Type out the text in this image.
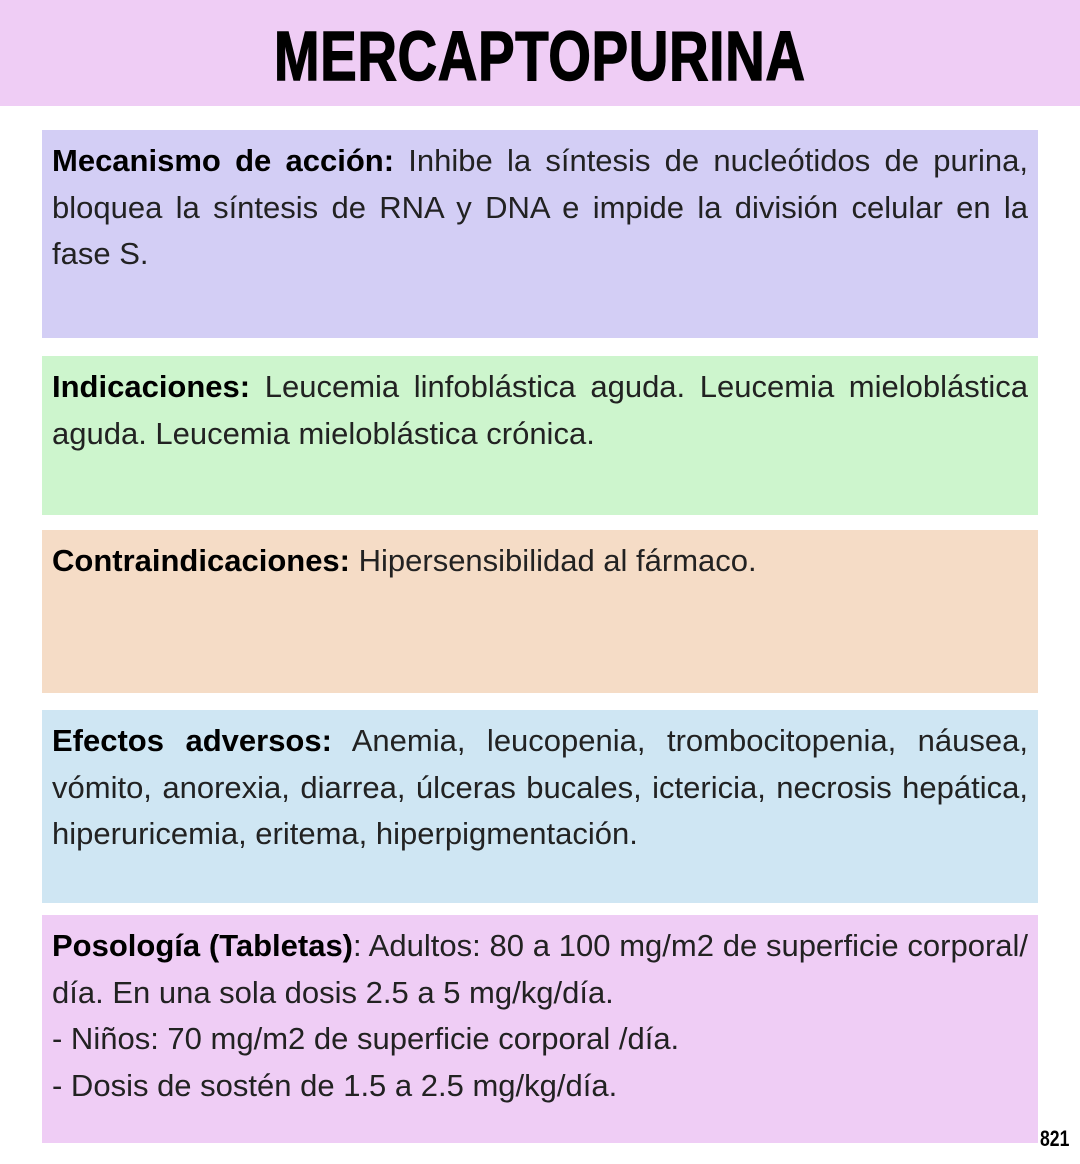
MERCAPTOPURINA
Mecanismo de acción: Inhibe la síntesis de nucleótidos de purina, bloquea la síntesis de RNA y DNA e impide la división celular en la fase S.
Indicaciones: Leucemia linfoblástica aguda. Leucemia mieloblástica aguda. Leucemia mieloblástica crónica.
Contraindicaciones: Hipersensibilidad al fármaco.
Efectos adversos: Anemia, leucopenia, trombocitopenia, náusea, vómito, anorexia, diarrea, úlceras bucales, ictericia, necrosis hepática, hiperuricemia, eritema, hiperpigmentación.
Posología (Tabletas): Adultos: 80 a 100 mg/m2 de superficie corporal/ día. En una sola dosis 2.5 a 5 mg/kg/día.
- Niños: 70 mg/m2 de superficie corporal /día.
- Dosis de sostén de 1.5 a 2.5 mg/kg/día.
821
